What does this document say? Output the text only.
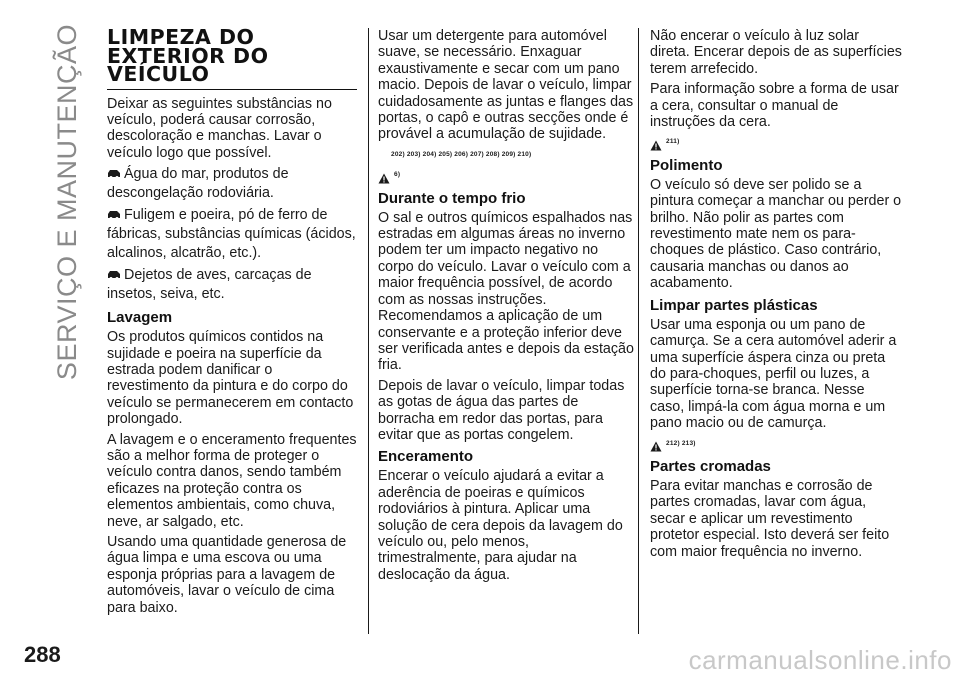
SERVIÇO E MANUTENÇÃO LIMPEZA DO
EXTERIOR DO
VEÍCULO

Deixar as seguintes substâncias no veículo, poderá causar corrosão, descoloração e manchas. Lavar o veículo logo que possível.

Água do mar, produtos de descongelação rodoviária.
Fuligem e poeira, pó de ferro de fábricas, substâncias químicas (ácidos, alcalinos, alcatrão, etc.).
Dejetos de aves, carcaças de insetos, seiva, etc.
Lavagem

Os produtos químicos contidos na sujidade e poeira na superfície da estrada podem danificar o revestimento da pintura e do corpo do veículo se permanecerem em contacto prolongado.

A lavagem e o enceramento frequentes são a melhor forma de proteger o veículo contra danos, sendo também eficazes na proteção contra os elementos ambientais, como chuva, neve, ar salgado, etc.

Usando uma quantidade generosa de água limpa e uma escova ou uma esponja próprias para a lavagem de automóveis, lavar o veículo de cima para baixo.

Usar um detergente para automóvel suave, se necessário. Enxaguar exaustivamente e secar com um pano macio. Depois de lavar o veículo, limpar cuidadosamente as juntas e flanges das portas, o capô e outras secções onde é provável a acumulação de sujidade.

202) 203) 204) 205) 206) 207) 208) 209) 210)
6)
Durante o tempo frio

O sal e outros químicos espalhados nas estradas em algumas áreas no inverno podem ter um impacto negativo no corpo do veículo. Lavar o veículo com a maior frequência possível, de acordo com as nossas instruções. Recomendamos a aplicação de um conservante e a proteção inferior deve ser verificada antes e depois da estação fria.

Depois de lavar o veículo, limpar todas as gotas de água das partes de borracha em redor das portas, para evitar que as portas congelem.

Enceramento

Encerar o veículo ajudará a evitar a aderência de poeiras e químicos rodoviários à pintura. Aplicar uma solução de cera depois da lavagem do veículo ou, pelo menos, trimestralmente, para ajudar na deslocação da água.

Não encerar o veículo à luz solar direta. Encerar depois de as superfícies terem arrefecido.

Para informação sobre a forma de usar a cera, consultar o manual de instruções da cera.

211)
Polimento

O veículo só deve ser polido se a pintura começar a manchar ou perder o brilho. Não polir as partes com revestimento mate nem os para-choques de plástico. Caso contrário, causaria manchas ou danos ao acabamento.

Limpar partes plásticas

Usar uma esponja ou um pano de camurça. Se a cera automóvel aderir a uma superfície áspera cinza ou preta do para-choques, perfil ou luzes, a superfície torna-se branca. Nesse caso, limpá-la com água morna e um pano macio ou de camurça.

212) 213)
Partes cromadas

Para evitar manchas e corrosão de partes cromadas, lavar com água, secar e aplicar um revestimento protetor especial. Isto deverá ser feito com maior frequência no inverno.

288	carmanualsonline.info
